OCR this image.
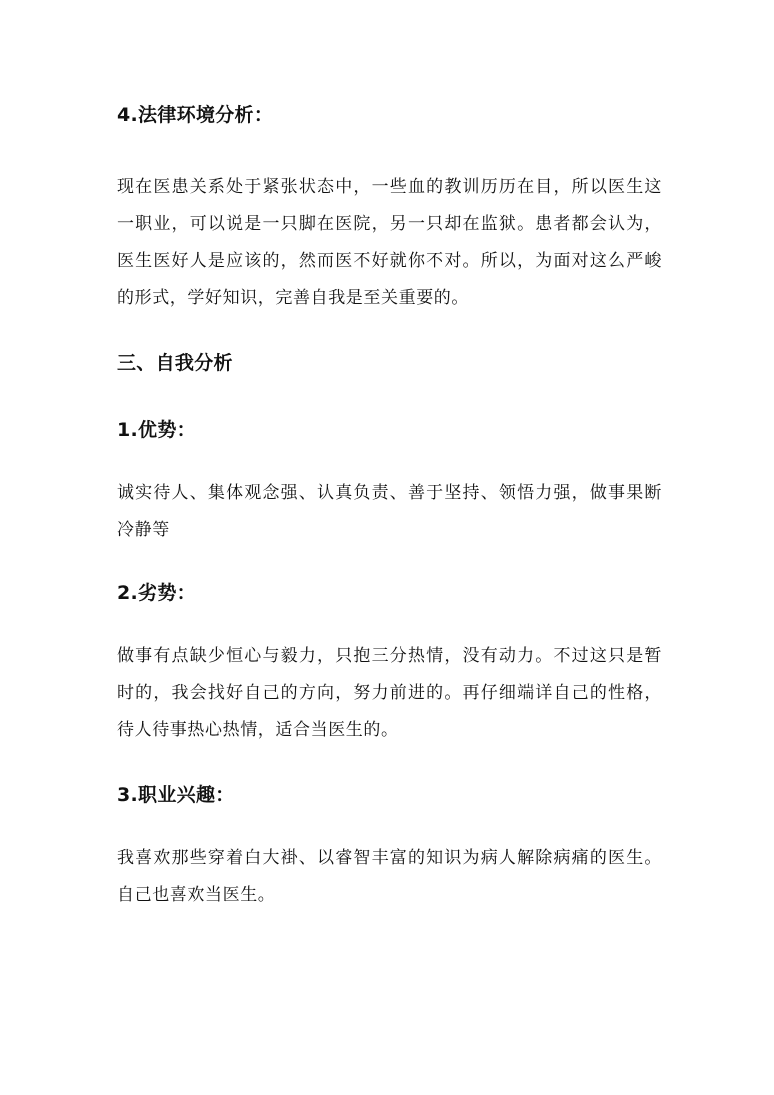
4.法律环境分析：

现在医患关系处于紧张状态中，一些血的教训历历在目，所以医生这一职业，可以说是一只脚在医院，另一只却在监狱。患者都会认为，医生医好人是应该的，然而医不好就你不对。所以，为面对这么严峻的形式，学好知识，完善自我是至关重要的。

三、自我分析
1.优势：

诚实待人、集体观念强、认真负责、善于坚持、领悟力强，做事果断冷静等

2.劣势：

做事有点缺少恒心与毅力，只抱三分热情，没有动力。不过这只是暂时的，我会找好自己的方向，努力前进的。再仔细端详自己的性格，待人待事热心热情，适合当医生的。

3.职业兴趣：

我喜欢那些穿着白大褂、以睿智丰富的知识为病人解除病痛的医生。自己也喜欢当医生。
